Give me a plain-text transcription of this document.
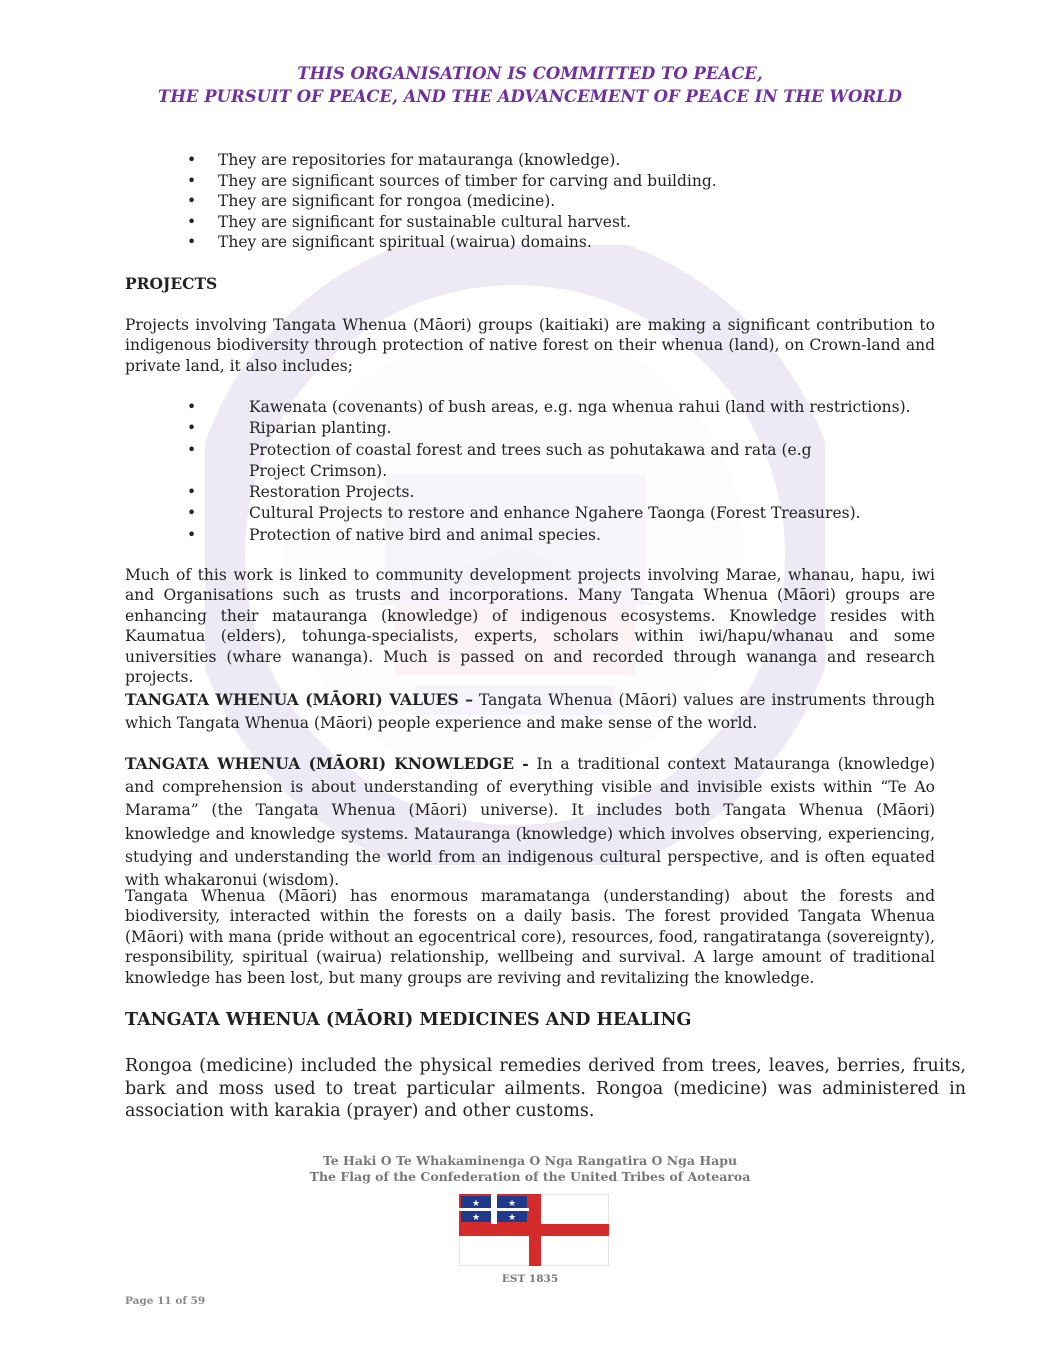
THIS ORGANISATION IS COMMITTED TO PEACE,
THE PURSUIT OF PEACE, AND THE ADVANCEMENT OF PEACE IN THE WORLD
• They are repositories for matauranga (knowledge).
• They are significant sources of timber for carving and building.
• They are significant for rongoa (medicine).
• They are significant for sustainable cultural harvest.
• They are significant spiritual (wairua) domains.
PROJECTS

Projects involving Tangata Whenua (Māori) groups (kaitiaki) are making a significant contribution to indigenous biodiversity through protection of native forest on their whenua (land), on Crown-land and private land, it also includes;

• Kawenata (covenants) of bush areas, e.g. nga whenua rahui (land with restrictions).
• Riparian planting.
• Protection of coastal forest and trees such as pohutakawa and rata (e.g Project Crimson).
• Restoration Projects.
• Cultural Projects to restore and enhance Ngahere Taonga (Forest Treasures).
• Protection of native bird and animal species.

Much of this work is linked to community development projects involving Marae, whanau, hapu, iwi and Organisations such as trusts and incorporations. Many Tangata Whenua (Māori) groups are enhancing their matauranga (knowledge) of indigenous ecosystems. Knowledge resides with Kaumatua (elders), tohunga-specialists, experts, scholars within iwi/hapu/whanau and some universities (whare wananga). Much is passed on and recorded through wananga and research projects.

TANGATA WHENUA (MĀORI) VALUES – Tangata Whenua (Māori) values are instruments through which Tangata Whenua (Māori) people experience and make sense of the world.

TANGATA WHENUA (MĀORI) KNOWLEDGE - In a traditional context Matauranga (knowledge) and comprehension is about understanding of everything visible and invisible exists within “Te Ao Marama” (the Tangata Whenua (Māori) universe). It includes both Tangata Whenua (Māori) knowledge and knowledge systems. Matauranga (knowledge) which involves observing, experiencing, studying and understanding the world from an indigenous cultural perspective, and is often equated with whakaronui (wisdom).

Tangata Whenua (Māori) has enormous maramatanga (understanding) about the forests and biodiversity, interacted within the forests on a daily basis. The forest provided Tangata Whenua (Māori) with mana (pride without an egocentrical core), resources, food, rangatiratanga (sovereignty), responsibility, spiritual (wairua) relationship, wellbeing and survival. A large amount of traditional knowledge has been lost, but many groups are reviving and revitalizing the knowledge.

TANGATA WHENUA (MĀORI) MEDICINES AND HEALING

Rongoa (medicine) included the physical remedies derived from trees, leaves, berries, fruits, bark and moss used to treat particular ailments. Rongoa (medicine) was administered in association with karakia (prayer) and other customs.

Te Haki O Te Whakaminenga O Nga Rangatira O Nga Hapu
The Flag of the Confederation of the United Tribes of Aotearoa
★	★
★	★
EST 1835
Page 11 of 59
